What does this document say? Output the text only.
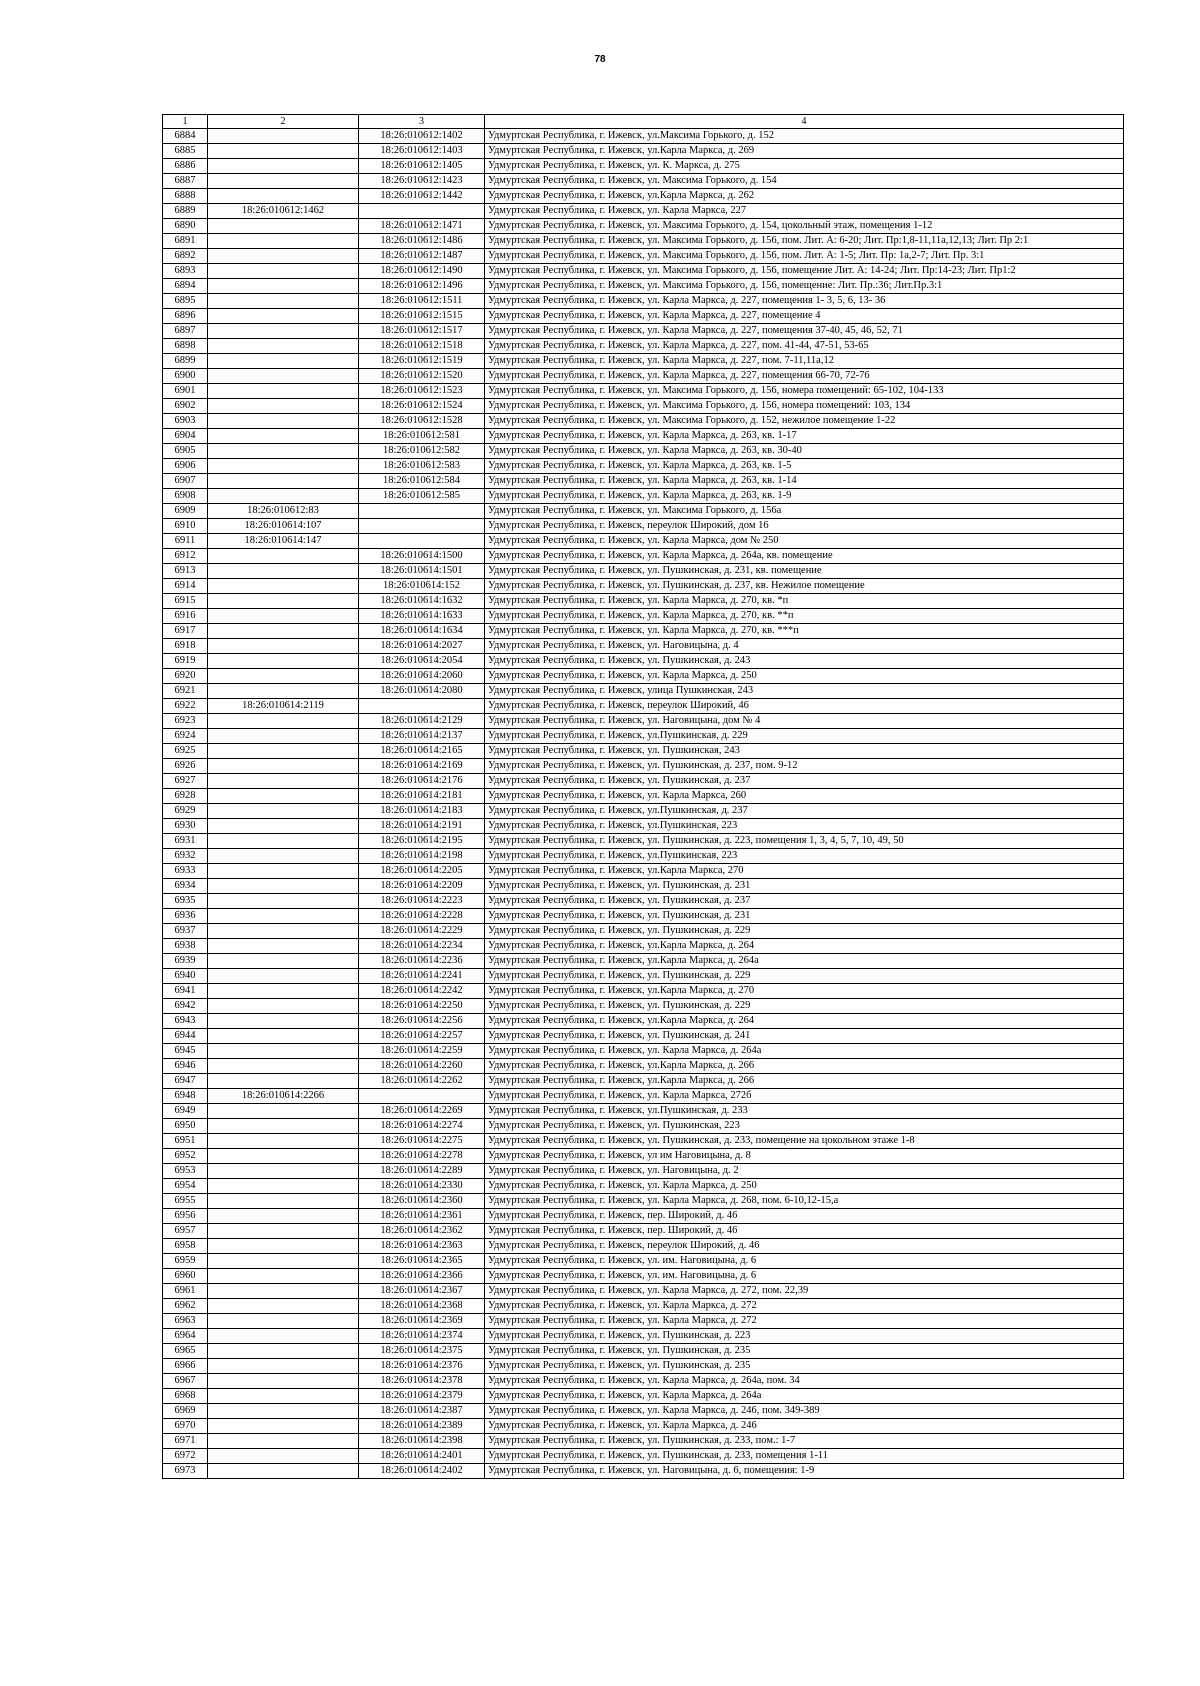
78
1	2	3	4
6884		18:26:010612:1402	Удмуртская Республика, г. Ижевск, ул.Максима Горького, д. 152
6885		18:26:010612:1403	Удмуртская Республика, г. Ижевск, ул.Карла Маркса, д. 269
6886		18:26:010612:1405	Удмуртская Республика, г. Ижевск, ул. К. Маркса, д. 275
6887		18:26:010612:1423	Удмуртская Республика, г. Ижевск, ул. Максима Горького, д. 154
6888		18:26:010612:1442	Удмуртская Республика, г. Ижевск, ул.Карла Маркса, д. 262
6889	18:26:010612:1462		Удмуртская Республика, г. Ижевск, ул. Карла Маркса, 227
6890		18:26:010612:1471	Удмуртская Республика, г. Ижевск, ул. Максима Горького, д. 154, цокольный этаж, помещения 1-12
6891		18:26:010612:1486	Удмуртская Республика, г. Ижевск, ул. Максима Горького, д. 156, пом. Лит. А: 6-20; Лит. Пр:1,8-11,11а,12,13; Лит. Пр 2:1
6892		18:26:010612:1487	Удмуртская Республика, г. Ижевск, ул. Максима Горького, д. 156, пом. Лит. А: 1-5; Лит. Пр: 1а,2-7; Лит. Пр. 3:1
6893		18:26:010612:1490	Удмуртская Республика, г. Ижевск, ул. Максима Горького, д. 156, помещение Лит. А: 14-24; Лит. Пр:14-23; Лит. Пр1:2
6894		18:26:010612:1496	Удмуртская Республика, г. Ижевск, ул. Максима Горького, д. 156, помещение: Лит. Пр.:36; Лит.Пр.3:1
6895		18:26:010612:1511	Удмуртская Республика, г. Ижевск, ул. Карла Маркса, д. 227, помещения 1- 3, 5, 6, 13- 36
6896		18:26:010612:1515	Удмуртская Республика, г. Ижевск, ул. Карла Маркса, д. 227, помещение 4
6897		18:26:010612:1517	Удмуртская Республика, г. Ижевск, ул. Карла Маркса, д. 227, помещения 37-40, 45, 46, 52, 71
6898		18:26:010612:1518	Удмуртская Республика, г. Ижевск, ул. Карла Маркса, д. 227, пом. 41-44, 47-51, 53-65
6899		18:26:010612:1519	Удмуртская Республика, г. Ижевск, ул. Карла Маркса, д. 227, пом. 7-11,11а,12
6900		18:26:010612:1520	Удмуртская Республика, г. Ижевск, ул. Карла Маркса, д. 227, помещения 66-70, 72-76
6901		18:26:010612:1523	Удмуртская Республика, г. Ижевск, ул. Максима Горького, д. 156, номера помещений: 65-102, 104-133
6902		18:26:010612:1524	Удмуртская Республика, г. Ижевск, ул. Максима Горького, д. 156, номера помещений: 103, 134
6903		18:26:010612:1528	Удмуртская Республика, г. Ижевск, ул. Максима Горького, д. 152, нежилое помещение 1-22
6904		18:26:010612:581	Удмуртская Республика, г. Ижевск, ул. Карла Маркса, д. 263, кв. 1-17
6905		18:26:010612:582	Удмуртская Республика, г. Ижевск, ул. Карла Маркса, д. 263, кв. 30-40
6906		18:26:010612:583	Удмуртская Республика, г. Ижевск, ул. Карла Маркса, д. 263, кв. 1-5
6907		18:26:010612:584	Удмуртская Республика, г. Ижевск, ул. Карла Маркса, д. 263, кв. 1-14
6908		18:26:010612:585	Удмуртская Республика, г. Ижевск, ул. Карла Маркса, д. 263, кв. 1-9
6909	18:26:010612:83		Удмуртская Республика, г. Ижевск, ул. Максима Горького, д. 156а
6910	18:26:010614:107		Удмуртская Республика, г. Ижевск, переулок Широкий, дом 16
6911	18:26:010614:147		Удмуртская Республика, г. Ижевск, ул. Карла Маркса, дом № 250
6912		18:26:010614:1500	Удмуртская Республика, г. Ижевск, ул. Карла Маркса, д. 264а, кв. помещение
6913		18:26:010614:1501	Удмуртская Республика, г. Ижевск, ул. Пушкинская, д. 231, кв. помещение
6914		18:26:010614:152	Удмуртская Республика, г. Ижевск, ул. Пушкинская, д. 237, кв. Нежилое помещение
6915		18:26:010614:1632	Удмуртская Республика, г. Ижевск, ул. Карла Маркса, д. 270, кв. *п
6916		18:26:010614:1633	Удмуртская Республика, г. Ижевск, ул. Карла Маркса, д. 270, кв. **п
6917		18:26:010614:1634	Удмуртская Республика, г. Ижевск, ул. Карла Маркса, д. 270, кв. ***п
6918		18:26:010614:2027	Удмуртская Республика, г. Ижевск, ул. Наговицына, д. 4
6919		18:26:010614:2054	Удмуртская Республика, г. Ижевск, ул. Пушкинская, д. 243
6920		18:26:010614:2060	Удмуртская Республика, г. Ижевск, ул. Карла Маркса, д. 250
6921		18:26:010614:2080	Удмуртская Республика, г. Ижевск, улица Пушкинская, 243
6922	18:26:010614:2119		Удмуртская Республика, г. Ижевск, переулок Широкий, 46
6923		18:26:010614:2129	Удмуртская Республика, г. Ижевск, ул. Наговицына, дом № 4
6924		18:26:010614:2137	Удмуртская Республика, г. Ижевск, ул.Пушкинская, д. 229
6925		18:26:010614:2165	Удмуртская Республика, г. Ижевск, ул. Пушкинская, 243
6926		18:26:010614:2169	Удмуртская Республика, г. Ижевск, ул. Пушкинская, д. 237, пом. 9-12
6927		18:26:010614:2176	Удмуртская Республика, г. Ижевск, ул. Пушкинская, д. 237
6928		18:26:010614:2181	Удмуртская Республика, г. Ижевск, ул. Карла Маркса, 260
6929		18:26:010614:2183	Удмуртская Республика, г. Ижевск, ул.Пушкинская, д. 237
6930		18:26:010614:2191	Удмуртская Республика, г. Ижевск, ул.Пушкинская, 223
6931		18:26:010614:2195	Удмуртская Республика, г. Ижевск, ул. Пушкинская, д. 223, помещения 1, 3, 4, 5, 7, 10, 49, 50
6932		18:26:010614:2198	Удмуртская Республика, г. Ижевск, ул.Пушкинская, 223
6933		18:26:010614:2205	Удмуртская Республика, г. Ижевск, ул.Карла Маркса, 270
6934		18:26:010614:2209	Удмуртская Республика, г. Ижевск, ул. Пушкинская, д. 231
6935		18:26:010614:2223	Удмуртская Республика, г. Ижевск, ул. Пушкинская, д. 237
6936		18:26:010614:2228	Удмуртская Республика, г. Ижевск, ул. Пушкинская, д. 231
6937		18:26:010614:2229	Удмуртская Республика, г. Ижевск, ул. Пушкинская, д. 229
6938		18:26:010614:2234	Удмуртская Республика, г. Ижевск, ул.Карла Маркса, д. 264
6939		18:26:010614:2236	Удмуртская Республика, г. Ижевск, ул.Карла Маркса, д. 264а
6940		18:26:010614:2241	Удмуртская Республика, г. Ижевск, ул. Пушкинская, д. 229
6941		18:26:010614:2242	Удмуртская Республика, г. Ижевск, ул.Карла Маркса, д. 270
6942		18:26:010614:2250	Удмуртская Республика, г. Ижевск, ул. Пушкинская, д. 229
6943		18:26:010614:2256	Удмуртская Республика, г. Ижевск, ул.Карла Маркса, д. 264
6944		18:26:010614:2257	Удмуртская Республика, г. Ижевск, ул. Пушкинская, д. 241
6945		18:26:010614:2259	Удмуртская Республика, г. Ижевск, ул. Карла Маркса, д. 264а
6946		18:26:010614:2260	Удмуртская Республика, г. Ижевск, ул.Карла Маркса, д. 266
6947		18:26:010614:2262	Удмуртская Республика, г. Ижевск, ул.Карла Маркса, д. 266
6948	18:26:010614:2266		Удмуртская Республика, г. Ижевск, ул. Карла Маркса, 272б
6949		18:26:010614:2269	Удмуртская Республика, г. Ижевск, ул.Пушкинская, д. 233
6950		18:26:010614:2274	Удмуртская Республика, г. Ижевск, ул. Пушкинская, 223
6951		18:26:010614:2275	Удмуртская Республика, г. Ижевск, ул. Пушкинская, д. 233, помещение на цокольном этаже 1-8
6952		18:26:010614:2278	Удмуртская Республика, г. Ижевск, ул им Наговицына, д. 8
6953		18:26:010614:2289	Удмуртская Республика, г. Ижевск, ул. Наговицына, д. 2
6954		18:26:010614:2330	Удмуртская Республика, г. Ижевск, ул. Карла Маркса, д. 250
6955		18:26:010614:2360	Удмуртская Республика, г. Ижевск, ул. Карла Маркса, д. 268, пом. 6-10,12-15,а
6956		18:26:010614:2361	Удмуртская Республика, г. Ижевск, пер. Широкий, д. 46
6957		18:26:010614:2362	Удмуртская Республика, г. Ижевск, пер. Широкий, д. 46
6958		18:26:010614:2363	Удмуртская Республика, г. Ижевск, переулок Широкий, д. 46
6959		18:26:010614:2365	Удмуртская Республика, г. Ижевск, ул. им. Наговицына, д. 6
6960		18:26:010614:2366	Удмуртская Республика, г. Ижевск, ул. им. Наговицына, д. 6
6961		18:26:010614:2367	Удмуртская Республика, г. Ижевск, ул. Карла Маркса, д. 272, пом. 22,39
6962		18:26:010614:2368	Удмуртская Республика, г. Ижевск, ул. Карла Маркса, д. 272
6963		18:26:010614:2369	Удмуртская Республика, г. Ижевск, ул. Карла Маркса, д. 272
6964		18:26:010614:2374	Удмуртская Республика, г. Ижевск, ул. Пушкинская, д. 223
6965		18:26:010614:2375	Удмуртская Республика, г. Ижевск, ул. Пушкинская, д. 235
6966		18:26:010614:2376	Удмуртская Республика, г. Ижевск, ул. Пушкинская, д. 235
6967		18:26:010614:2378	Удмуртская Республика, г. Ижевск, ул. Карла Маркса, д. 264а, пом. 34
6968		18:26:010614:2379	Удмуртская Республика, г. Ижевск, ул. Карла Маркса, д. 264а
6969		18:26:010614:2387	Удмуртская Республика, г. Ижевск, ул. Карла Маркса, д. 246, пом. 349-389
6970		18:26:010614:2389	Удмуртская Республика, г. Ижевск, ул. Карла Маркса, д. 246
6971		18:26:010614:2398	Удмуртская Республика, г. Ижевск, ул. Пушкинская, д. 233, пом.: 1-7
6972		18:26:010614:2401	Удмуртская Республика, г. Ижевск, ул. Пушкинская, д. 233, помещения 1-11
6973		18:26:010614:2402	Удмуртская Республика, г. Ижевск, ул. Наговицына, д. 6, помещения: 1-9
